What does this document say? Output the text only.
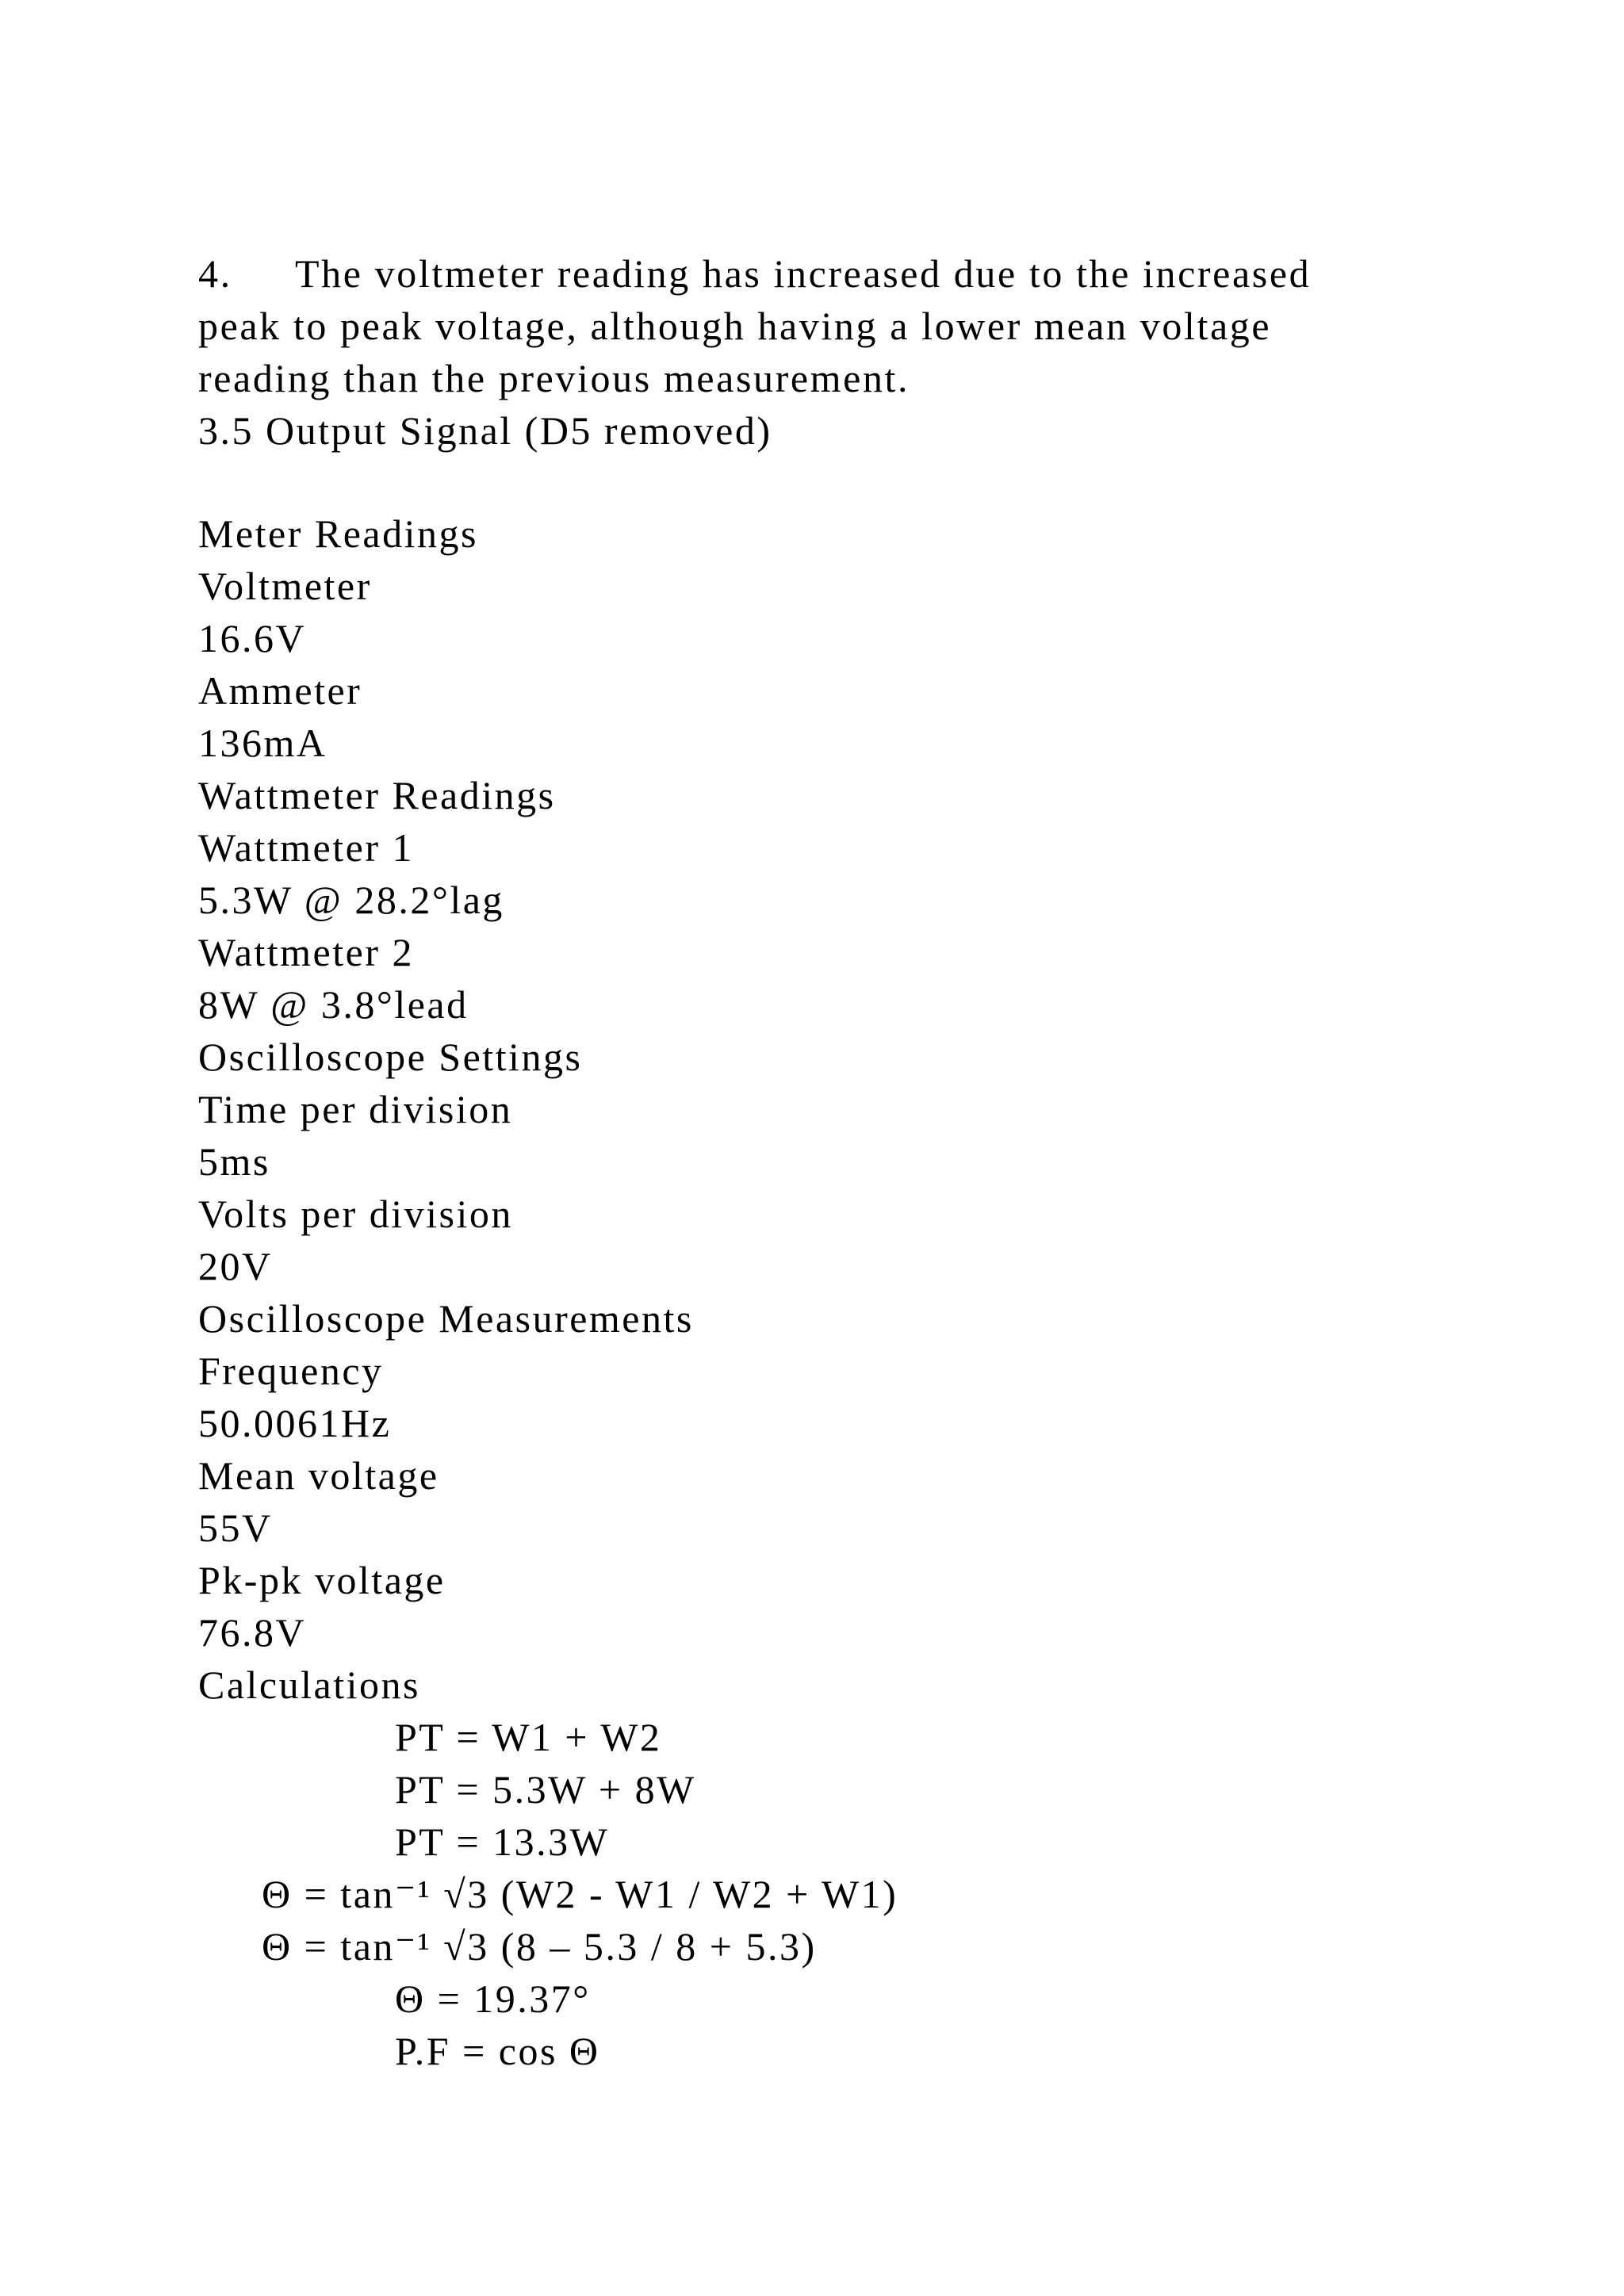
4. The voltmeter reading has increased due to the increased
peak to peak voltage, although having a lower mean voltage
reading than the previous measurement.
3.5 Output Signal (D5 removed)
Meter Readings
Voltmeter
16.6V
Ammeter
136mA
Wattmeter Readings
Wattmeter 1
5.3W @ 28.2°lag
Wattmeter 2
8W @ 3.8°lead
Oscilloscope Settings
Time per division
5ms
Volts per division
20V
Oscilloscope Measurements
Frequency
50.0061Hz
Mean voltage
55V
Pk-pk voltage
76.8V
Calculations
PT = W1 + W2
PT = 5.3W + 8W
PT = 13.3W
Θ = tan⁻¹ √3 (W2 - W1 / W2 + W1)
Θ = tan⁻¹ √3 (8 – 5.3 / 8 + 5.3)
Θ = 19.37°
P.F = cos Θ
